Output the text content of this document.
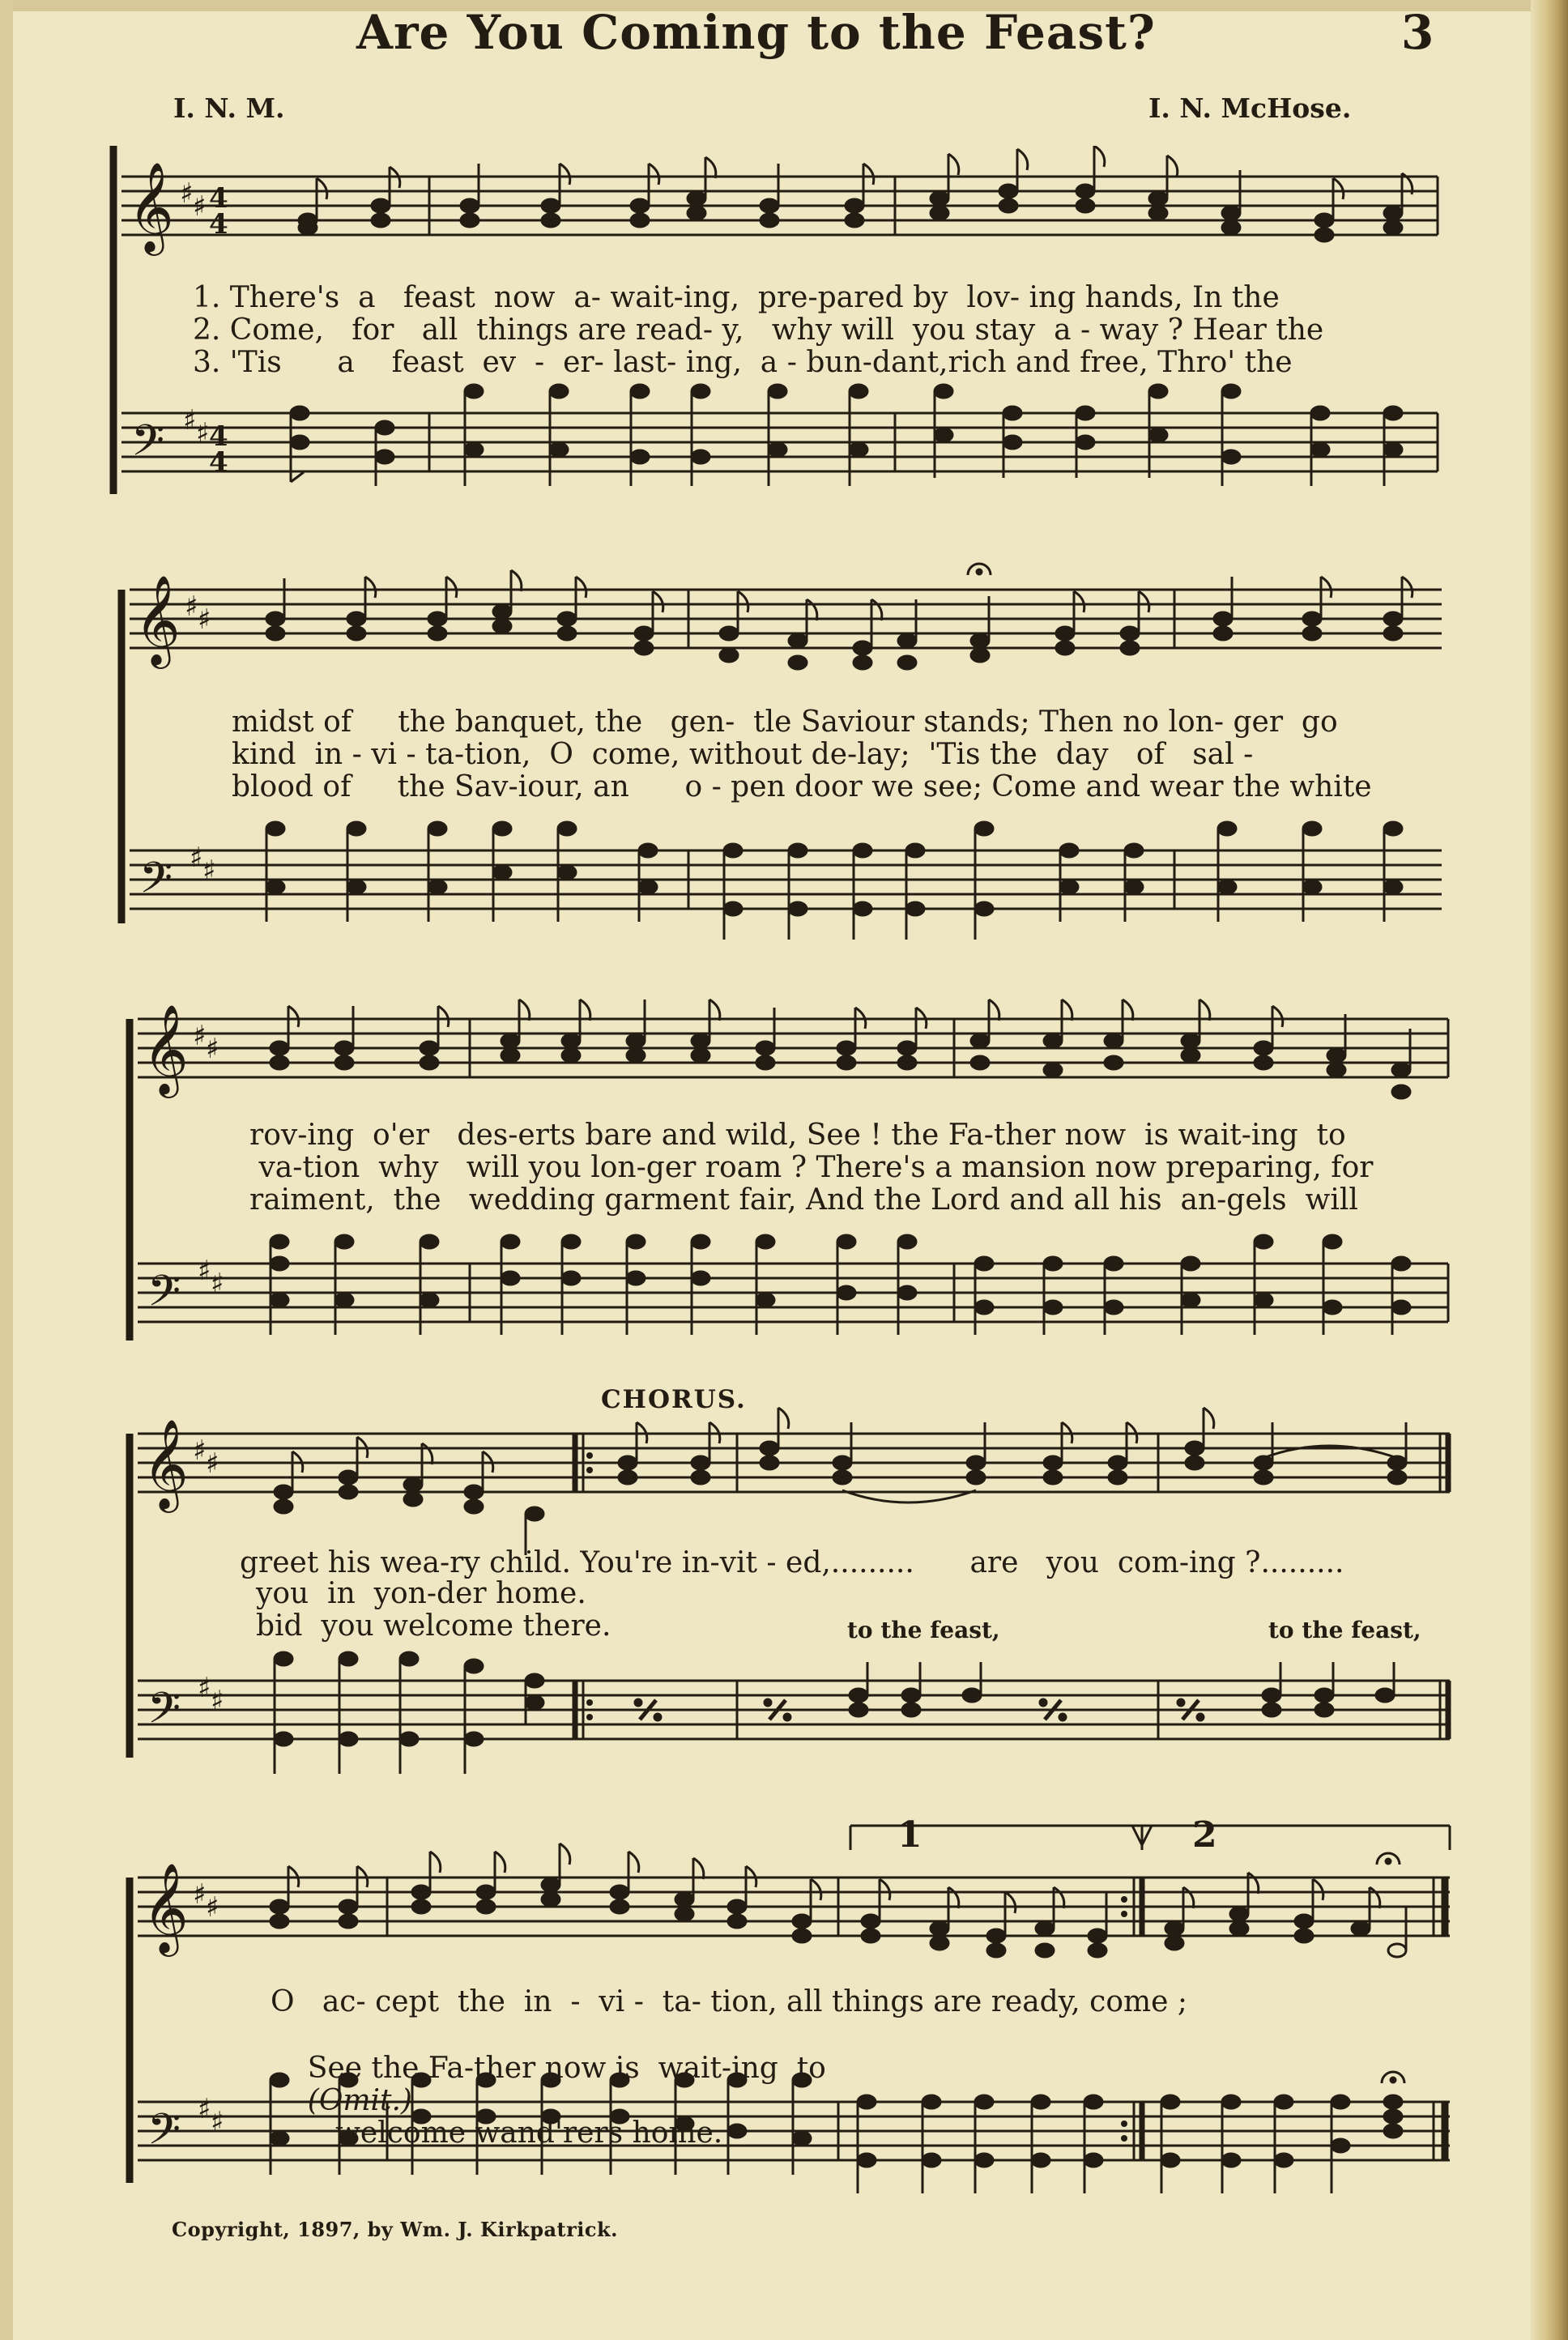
Are You Coming to the Feast?	3
I. N. M.	I. N. McHose.
𝄞 ♯ ♯ 4
4
𝄢 ♯ ♯ 4
4
1. There's  a   feast  now  a- wait-ing,  pre-pared by  lov- ing hands, In the
2. Come,   for   all  things are read- y,   why will  you stay  a - way ? Hear the
3. 'Tis      a    feast  ev  -  er- last- ing,  a - bun-dant,rich and free, Thro' the
𝄞 ♯ ♯
𝄢 ♯ ♯
midst of     the banquet, the   gen-  tle Saviour stands; Then no lon- ger  go
kind  in - vi - ta-tion,  O  come, without de-lay;  'Tis the  day   of   sal -
blood of     the Sav-iour, an      o - pen door we see; Come and wear the white
𝄞 ♯ ♯
𝄢 ♯ ♯
rov-ing  o'er   des-erts bare and wild, See ! the Fa-ther now  is wait-ing  to
va-tion  why   will you lon-ger roam ? There's a mansion now preparing, for
raiment,  the   wedding garment fair, And the Lord and all his  an-gels  will
CHORUS.
𝄞 ♯ ♯
𝄢 ♯ ♯
greet his wea-ry child. You're in-vit - ed,.........      are   you  com-ing ?.........
you  in  yon-der home.
bid  you welcome there.	to the feast,	to the feast,
1	2
𝄞 ♯ ♯
𝄢 ♯ ♯
O   ac- cept  the  in  -  vi -  ta- tion, all things are ready, come ;

See the Fa-ther now is  wait-ing  to
(Omit.)
welcome wand'rers home.

Copyright, 1897, by Wm. J. Kirkpatrick.
